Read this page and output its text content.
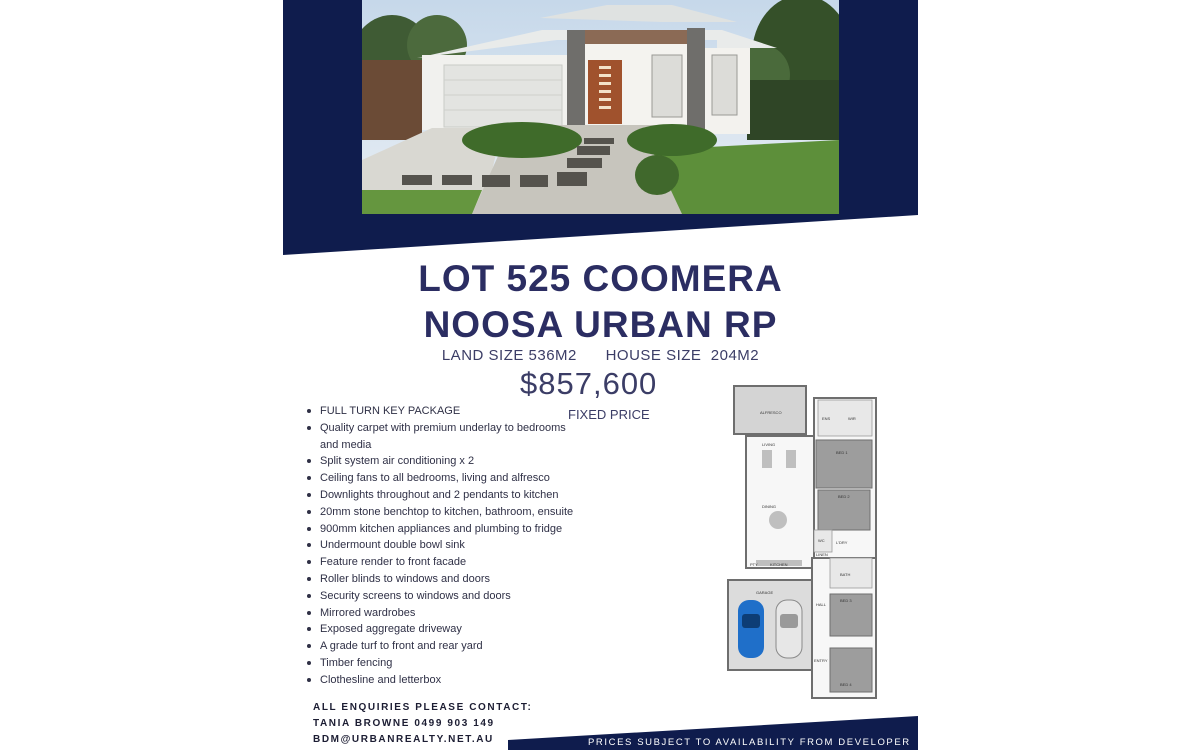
LOT 525 COOMERA
NOOSA URBAN RP
LAND SIZE 536M2 HOUSE SIZE  204M2
$857,600
FIXED PRICE
FULL TURN KEY PACKAGE
Quality carpet with premium underlay to bedrooms
and media
Split system air conditioning x 2
Ceiling fans to all bedrooms, living and alfresco
Downlights throughout and 2 pendants to kitchen
20mm stone benchtop to kitchen, bathroom, ensuite
900mm kitchen appliances and plumbing to fridge
Undermount double bowl sink
Feature render to front facade
Roller blinds to windows and doors
Security screens to windows and doors
Mirrored wardrobes
Exposed aggregate driveway
A grade turf to front and rear yard
Timber fencing
Clothesline and letterbox
ALFRESCO
LIVING
DINING
KITCHEN
GARAGE
BED 1
BED 2
BED 3
BED 4
HALL
ENTRY
L'DRY
ENS	WIR
BATH
WC
LINEN
PTY
ALL ENQUIRIES PLEASE CONTACT:
TANIA BROWNE 0499 903 149
BDM@URBANREALTY.NET.AU	PRICES SUBJECT TO AVAILABILITY FROM DEVELOPER
